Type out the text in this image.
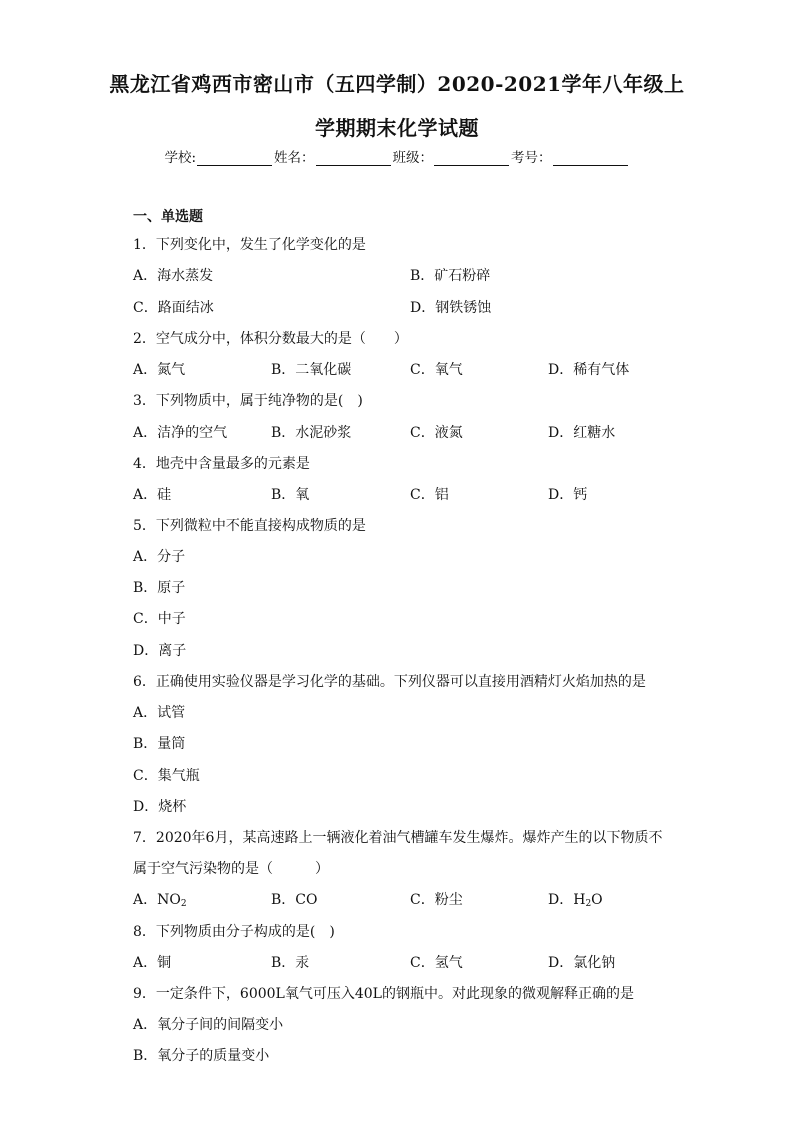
黑龙江省鸡西市密山市（五四学制）2020-2021学年八年级上
学期期末化学试题
学校:	姓名：	班级：	考号：
一、单选题
1．下列变化中，发生了化学变化的是
A．海水蒸发	B．矿石粉碎
C．路面结冰	D．钢铁锈蚀
2．空气成分中，体积分数最大的是（　　）
A．氮气	B．二氧化碳	C．氧气	D．稀有气体
3．下列物质中，属于纯净物的是(　)
A．洁净的空气	B．水泥砂浆	C．液氮	D．红糖水
4．地壳中含量最多的元素是
A．硅	B．氧	C．铝	D．钙
5．下列微粒中不能直接构成物质的是
A．分子
B．原子
C．中子
D．离子
6．正确使用实验仪器是学习化学的基础。下列仪器可以直接用酒精灯火焰加热的是
A．试管
B．量筒
C．集气瓶
D．烧杯
7．2020年6月，某高速路上一辆液化着油气槽罐车发生爆炸。爆炸产生的以下物质不
属于空气污染物的是（　　　）
A．$NO_2$	B．CO	C．粉尘	D．$H_2O$
8．下列物质由分子构成的是(　)
A．铜	B．汞	C．氢气	D．氯化钠
9．一定条件下，6000L氧气可压入40L的钢瓶中。对此现象的微观解释正确的是
A．氧分子间的间隔变小
B．氧分子的质量变小
